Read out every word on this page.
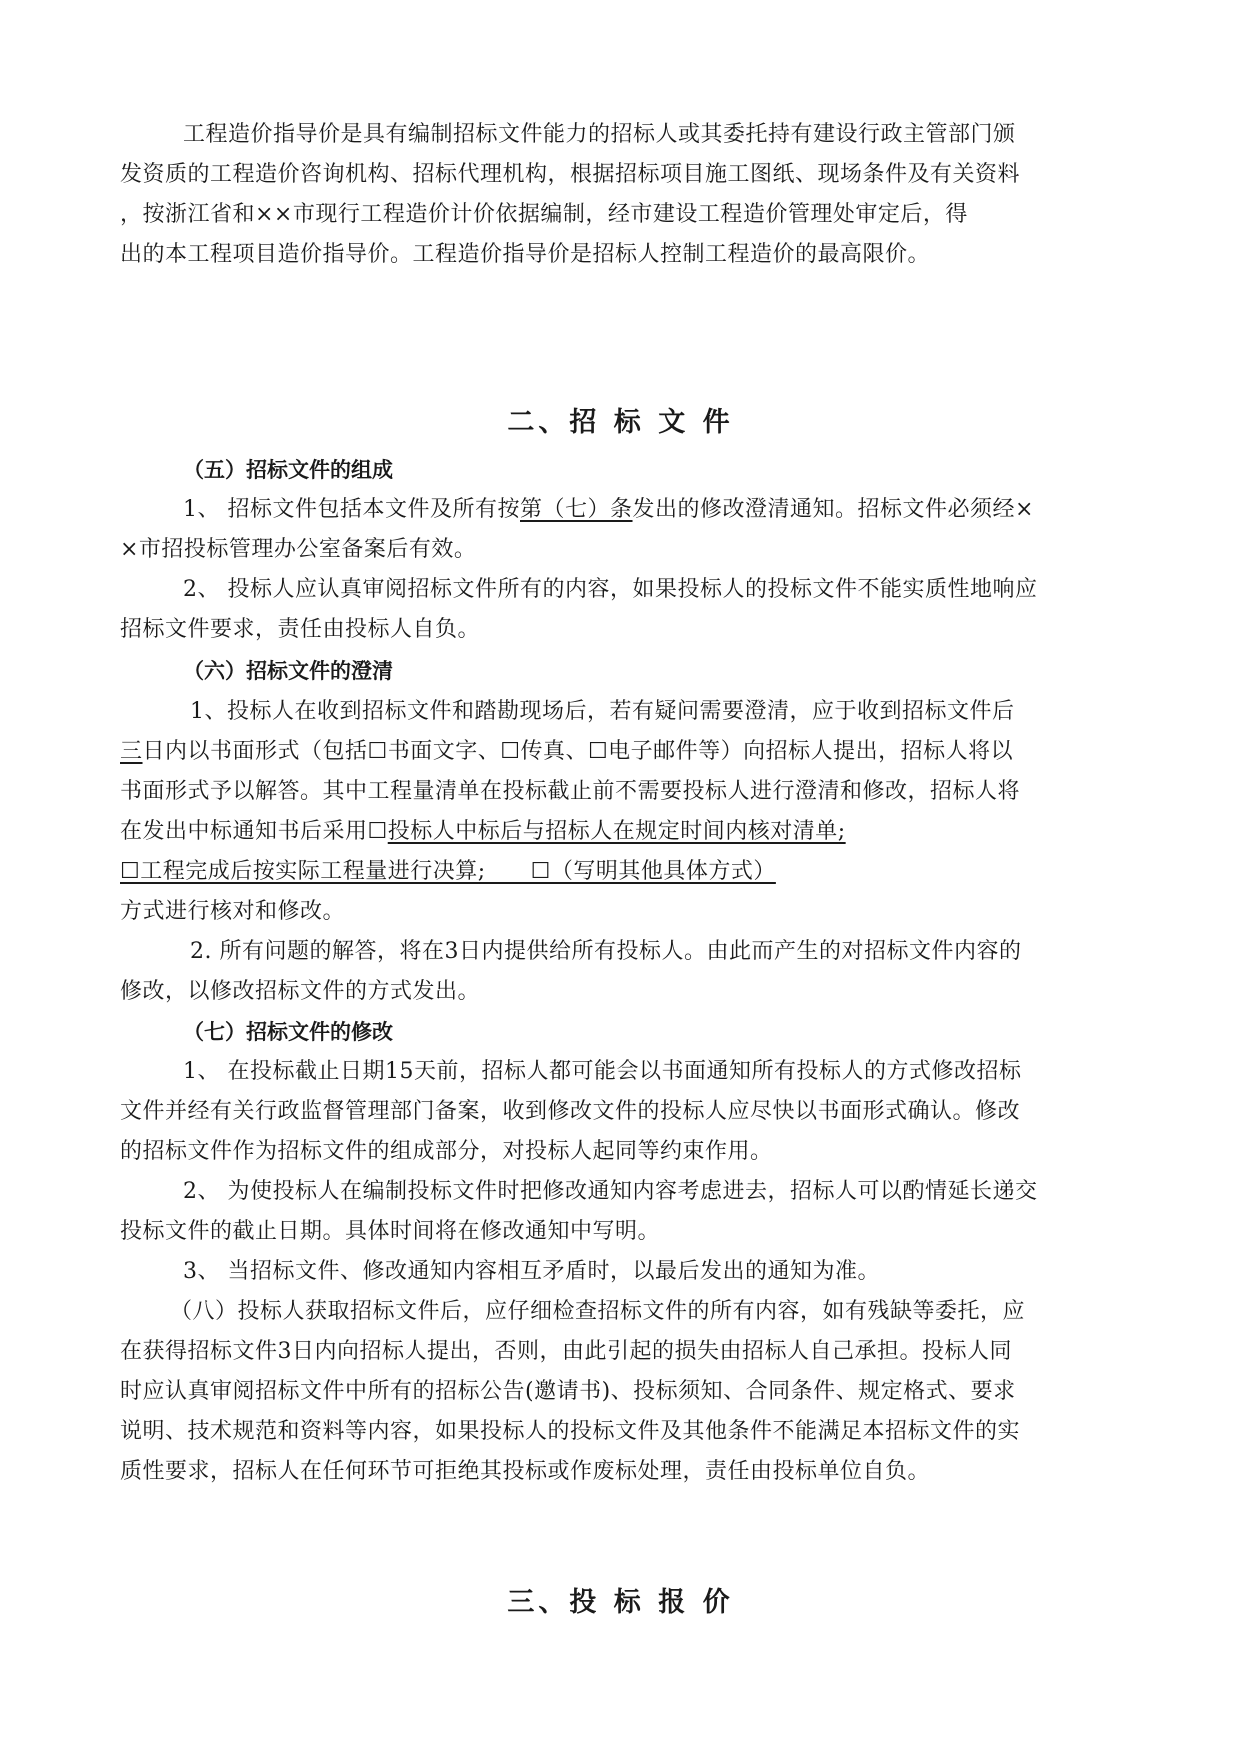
工程造价指导价是具有编制招标文件能力的招标人或其委托持有建设行政主管部门颁
发资质的工程造价咨询机构、招标代理机构，根据招标项目施工图纸、现场条件及有关资料
，按浙江省和××市现行工程造价计价依据编制，经市建设工程造价管理处审定后，得
出的本工程项目造价指导价。工程造价指导价是招标人控制工程造价的最高限价。
二、招 标 文 件
（五）招标文件的组成
1、 招标文件包括本文件及所有按第（七）条发出的修改澄清通知。招标文件必须经×
×市招投标管理办公室备案后有效。
2、 投标人应认真审阅招标文件所有的内容，如果投标人的投标文件不能实质性地响应
招标文件要求，责任由投标人自负。
（六）招标文件的澄清
1、投标人在收到招标文件和踏勘现场后，若有疑问需要澄清，应于收到招标文件后
三日内以书面形式（包括☐书面文字、☐传真、☐电子邮件等）向招标人提出，招标人将以
书面形式予以解答。其中工程量清单在投标截止前不需要投标人进行澄清和修改，招标人将
在发出中标通知书后采用☐投标人中标后与招标人在规定时间内核对清单;
☐工程完成后按实际工程量进行决算;　　☐（写明其他具体方式）
方式进行核对和修改。
2. 所有问题的解答，将在3日内提供给所有投标人。由此而产生的对招标文件内容的
修改，以修改招标文件的方式发出。
（七）招标文件的修改
1、 在投标截止日期15天前，招标人都可能会以书面通知所有投标人的方式修改招标
文件并经有关行政监督管理部门备案，收到修改文件的投标人应尽快以书面形式确认。修改
的招标文件作为招标文件的组成部分，对投标人起同等约束作用。
2、 为使投标人在编制投标文件时把修改通知内容考虑进去，招标人可以酌情延长递交
投标文件的截止日期。具体时间将在修改通知中写明。
3、 当招标文件、修改通知内容相互矛盾时，以最后发出的通知为准。
（八）投标人获取招标文件后，应仔细检查招标文件的所有内容，如有残缺等委托，应
在获得招标文件3日内向招标人提出，否则，由此引起的损失由招标人自己承担。投标人同
时应认真审阅招标文件中所有的招标公告(邀请书)、投标须知、合同条件、规定格式、要求
说明、技术规范和资料等内容，如果投标人的投标文件及其他条件不能满足本招标文件的实
质性要求，招标人在任何环节可拒绝其投标或作废标处理，责任由投标单位自负。
三、投 标 报 价
